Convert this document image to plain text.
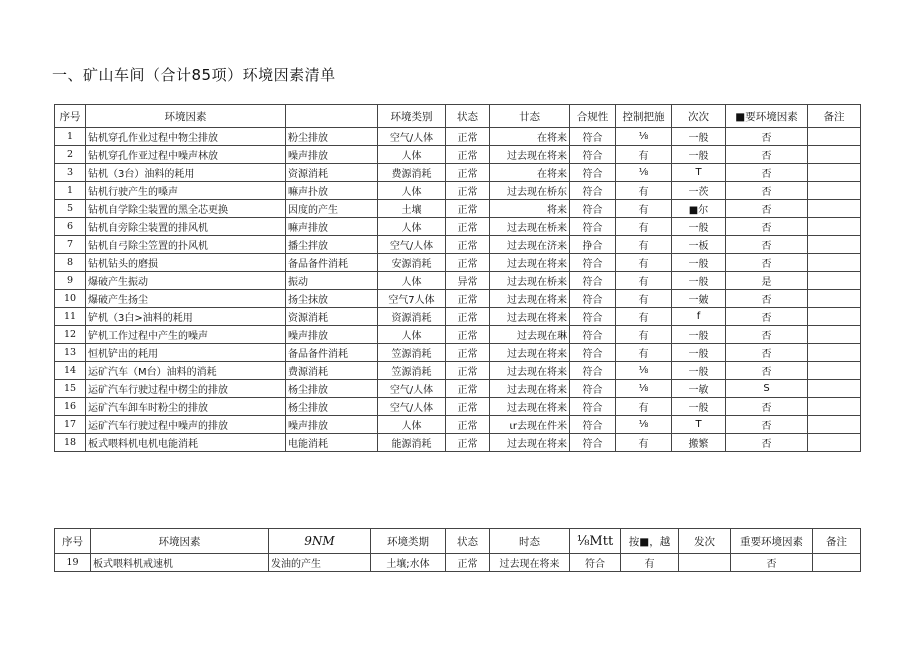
一、矿山车间（合计85项）环境因素清单
序号	环境因素		环境类别	状态	廿态	合规性	控制把施	次次	■要环境因素	备注
1	钻机穿孔作业过程中物尘排放	粉尘排放	空气/人体	正常	在将来	符合	⅛	一般	否	
2	钻机穿孔作亚过程中噪声林放	噪声排放	人体	正常	过去现在将来	符合	有	一般	否	
3	钻机（3台）油料的耗用	资源消耗	费源消耗	正常	在将来	符合	⅛	T	否	
1	钻机行驶产生的嗓声	嘛声扑放	人体	正常	过去现在桥东	符合	有	一茨	否	
5	钻机自学除尘装置的黑全芯更换	因度的产生	土壤	正常	将来	符合	有	■尔	否	
6	钻机自旁除尘装置的排风机	嘛声排放	人体	正常	过去现在桥来	符合	有	一般	否	
7	钻机自弓除尘笠置的扑风机	播尘拌放	空气/人体	正常	过去现在济来	挣合	有	一板	否	
8	钻机钻头的磨损	备品备件消耗	安源消耗	正常	过去现在将来	符合	有	一般	否	
9	爆破产生振动	振动	人体	异常	过去现在桥来	符合	有	一般	是	
10	爆破产生扬尘	扬尘抹放	空气7人体	正常	过去现在将来	符合	有	一皴	否	
11	铲机（3白>油料的耗用	资源消耗	资源消耗	正常	过去现在将来	符合	有	f	否	
12	铲机工作过程中产生的噪声	噪声排放	人体	正常	过去现在琳	符合	有	一般	否	
13	恒机铲出的耗用	备品备件消耗	笠源消耗	正常	过去现在将来	符合	有	一般	否	
14	运矿汽车（M台）油料的消耗	费源消耗	笠源消耗	正常	过去现在将来	符合	⅛	一般	否	
15	运矿汽车行驶过程中楞尘的排放	杨尘排放	空气/人体	正常	过去现在将来	符合	⅛	一敏	S	
16	运矿汽车卸车时粉尘的排放	杨尘排放	空气/人体	正常	过去现在将来	符合	有	一般	否	
17	运矿汽车行驶过程中噪声的排放	噪声排放	人体	正常	ιr去现在件米	符合	⅛	T	否	
18	板式喂料机电机电能消耗	电能消耗	能源消耗	正常	过去现在将来	符合	有	搬繁	否	
序号	环境因素	9NM	环境类期	状态	时态	⅛Mtt	按■，越	发次	重要环境因素	备注
19	板式喂料机戒速机	发油的产生	土壤;水体	正常	过去现在将来	符合	有		否	
